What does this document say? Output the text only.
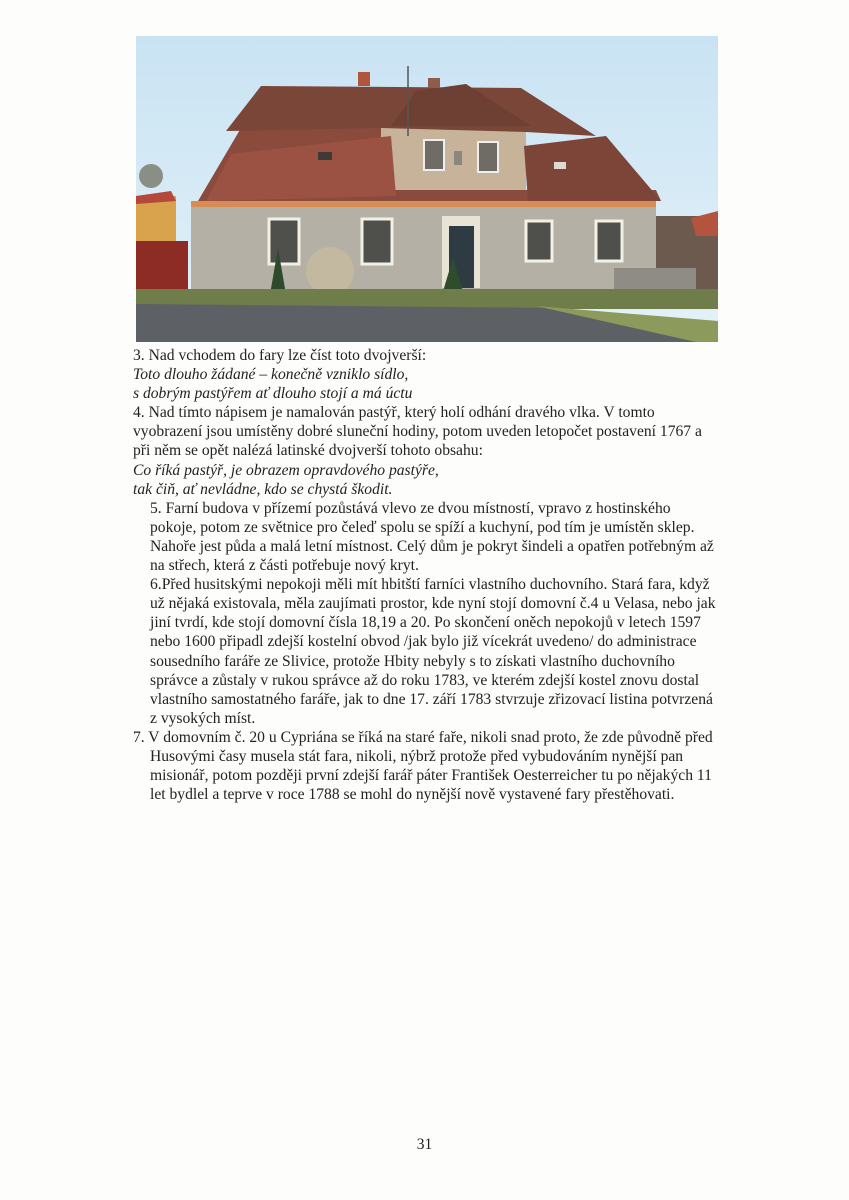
3. Nad vchodem do fary lze číst toto dvojverší:

Toto dlouho žádané – konečně vzniklo sídlo,

s dobrým pastýřem ať dlouho stojí a má úctu

4. Nad tímto nápisem je namalován pastýř, který holí odhání dravého vlka. V tomto

vyobrazení jsou umístěny dobré sluneční hodiny, potom uveden letopočet postavení 1767 a

při něm se opět nalézá latinské dvojverší tohoto obsahu:

Co říká pastýř, je obrazem opravdového pastýře,

tak čiň, ať nevládne, kdo se chystá škodit.

5. Farní budova v přízemí pozůstává vlevo ze dvou místností, vpravo z hostinského

pokoje, potom ze světnice pro čeleď spolu se spíží a kuchyní, pod tím je umístěn sklep.

Nahoře jest půda a malá letní místnost. Celý dům je pokryt šindeli a opatřen potřebným až

na střech, která z části potřebuje nový kryt.

6.Před husitskými nepokoji měli mít hbitští farníci vlastního duchovního. Stará fara, když

už nějaká existovala, měla zaujímati prostor, kde nyní stojí domovní č.4 u Velasa, nebo jak

jiní tvrdí, kde stojí domovní čísla 18,19 a 20. Po skončení oněch nepokojů v letech 1597

nebo 1600 připadl zdejší kostelní obvod /jak bylo již vícekrát uvedeno/ do administrace

sousedního faráře ze Slivice, protože Hbity nebyly s to získati vlastního duchovního

správce a zůstaly v rukou správce až do roku 1783, ve kterém zdejší kostel znovu dostal

vlastního samostatného faráře, jak to dne 17. září 1783 stvrzuje zřizovací listina potvrzená

z vysokých míst.

7. V domovním č. 20 u Cypriána se říká na staré faře, nikoli snad proto, že zde původně před

Husovými časy musela stát fara, nikoli, nýbrž protože před vybudováním nynější pan

misionář, potom později první zdejší farář páter František Oesterreicher tu po nějakých 11

let bydlel a teprve v roce 1788 se mohl do nynější nově vystavené fary přestěhovati.

31
